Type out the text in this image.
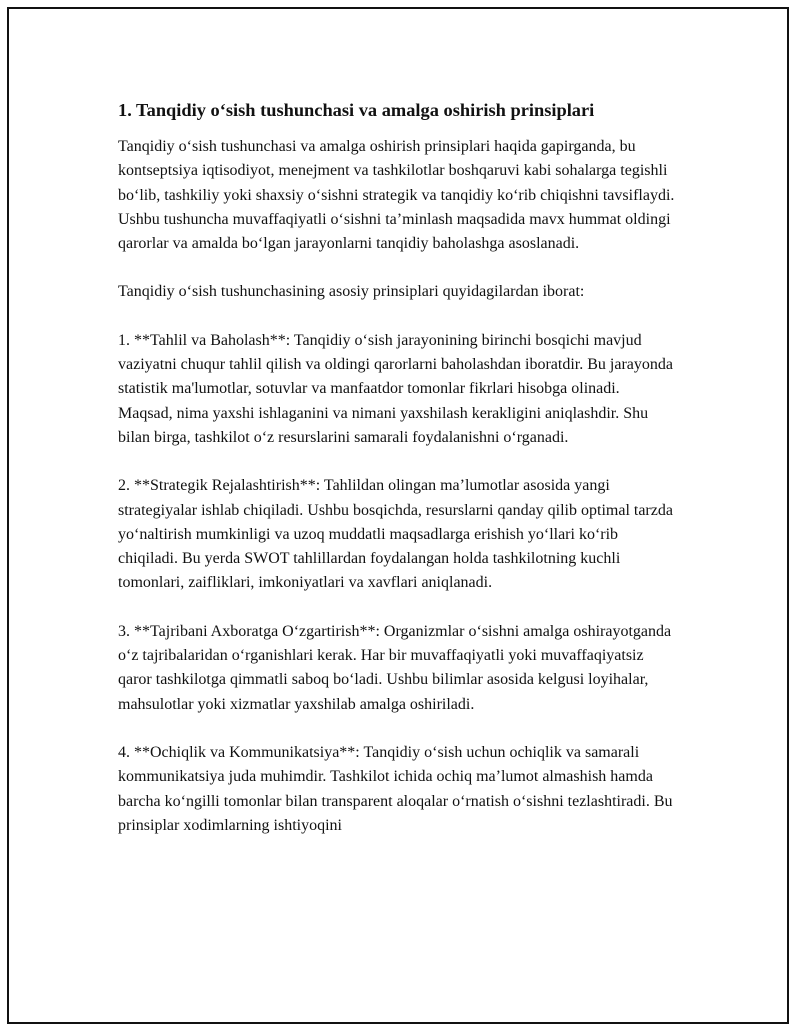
1. Tanqidiy o‘sish tushunchasi va amalga oshirish prinsiplari

Tanqidiy o‘sish tushunchasi va amalga oshirish prinsiplari haqida gapirganda, bu kontseptsiya iqtisodiyot, menejment va tashkilotlar boshqaruvi kabi sohalarga tegishli bo‘lib, tashkiliy yoki shaxsiy o‘sishni strategik va tanqidiy ko‘rib chiqishni tavsiflaydi. Ushbu tushuncha muvaffaqiyatli o‘sishni ta’minlash maqsadida mavx hummat oldingi qarorlar va amalda bo‘lgan jarayonlarni tanqidiy baholashga asoslanadi.

Tanqidiy o‘sish tushunchasining asosiy prinsiplari quyidagilardan iborat:

1. **Tahlil va Baholash**: Tanqidiy o‘sish jarayonining birinchi bosqichi mavjud vaziyatni chuqur tahlil qilish va oldingi qarorlarni baholashdan iboratdir. Bu jarayonda statistik ma'lumotlar, sotuvlar va manfaatdor tomonlar fikrlari hisobga olinadi. Maqsad, nima yaxshi ishlaganini va nimani yaxshilash kerakligini aniqlashdir. Shu bilan birga, tashkilot o‘z resurslarini samarali foydalanishni o‘rganadi.

2. **Strategik Rejalashtirish**: Tahlildan olingan ma’lumotlar asosida yangi strategiyalar ishlab chiqiladi. Ushbu bosqichda, resurslarni qanday qilib optimal tarzda yo‘naltirish mumkinligi va uzoq muddatli maqsadlarga erishish yo‘llari ko‘rib chiqiladi. Bu yerda SWOT tahlillardan foydalangan holda tashkilotning kuchli tomonlari, zaifliklari, imkoniyatlari va xavflari aniqlanadi.

3. **Tajribani Axboratga O‘zgartirish**: Organizmlar o‘sishni amalga oshirayotganda o‘z tajribalaridan o‘rganishlari kerak. Har bir muvaffaqiyatli yoki muvaffaqiyatsiz qaror tashkilotga qimmatli saboq bo‘ladi. Ushbu bilimlar asosida kelgusi loyihalar, mahsulotlar yoki xizmatlar yaxshilab amalga oshiriladi.

4. **Ochiqlik va Kommunikatsiya**: Tanqidiy o‘sish uchun ochiqlik va samarali kommunikatsiya juda muhimdir. Tashkilot ichida ochiq ma’lumot almashish hamda barcha ko‘ngilli tomonlar bilan transparent aloqalar o‘rnatish o‘sishni tezlashtiradi. Bu prinsiplar xodimlarning ishtiyoqini
